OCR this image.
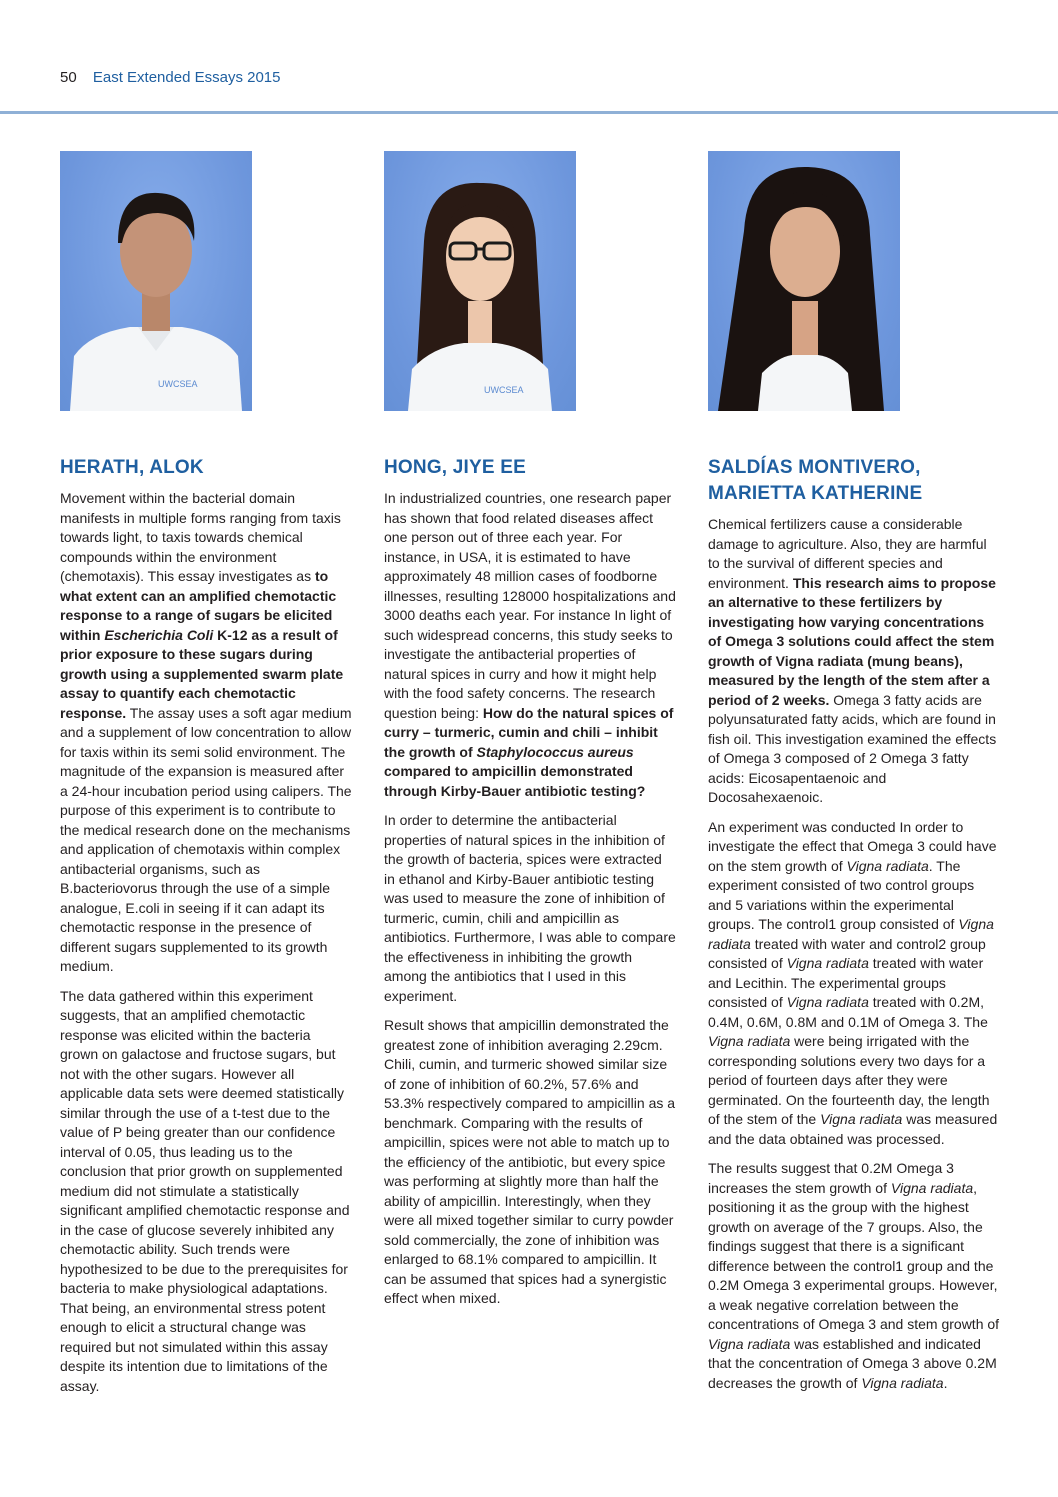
50 East Extended Essays 2015
UWCSEA
HERATH, ALOK

Movement within the bacterial domain manifests in multiple forms ranging from taxis towards light, to taxis towards chemical compounds within the environment (chemotaxis). This essay investigates as to what extent can an amplified chemotactic response to a range of sugars be elicited within Escherichia Coli K-12 as a result of prior exposure to these sugars during growth using a supplemented swarm plate assay to quantify each chemotactic response. The assay uses a soft agar medium and a supplement of low concentration to allow for taxis within its semi solid environment. The magnitude of the expansion is measured after a 24-hour incubation period using calipers. The purpose of this experiment is to contribute to the medical research done on the mechanisms and application of chemotaxis within complex antibacterial organisms, such as B.bacteriovorus through the use of a simple analogue, E.coli in seeing if it can adapt its chemotactic response in the presence of different sugars supplemented to its growth medium.

The data gathered within this experiment suggests, that an amplified chemotactic response was elicited within the bacteria grown on galactose and fructose sugars, but not with the other sugars. However all applicable data sets were deemed statistically similar through the use of a t-test due to the value of P being greater than our confidence interval of 0.05, thus leading us to the conclusion that prior growth on supplemented medium did not stimulate a statistically significant amplified chemotactic response and in the case of glucose severely inhibited any chemotactic ability. Such trends were hypothesized to be due to the prerequisites for bacteria to make physiological adaptations. That being, an environmental stress potent enough to elicit a structural change was required but not simulated within this assay despite its intention due to limitations of the assay.

UWCSEA
HONG, JIYE EE

In industrialized countries, one research paper has shown that food related diseases affect one person out of three each year. For instance, in USA, it is estimated to have approximately 48 million cases of foodborne illnesses, resulting 128000 hospitalizations and 3000 deaths each year. For instance In light of such widespread concerns, this study seeks to investigate the antibacterial properties of natural spices in curry and how it might help with the food safety concerns. The research question being: How do the natural spices of curry – turmeric, cumin and chili – inhibit the growth of Staphylococcus aureus compared to ampicillin demonstrated through Kirby-Bauer antibiotic testing?

In order to determine the antibacterial properties of natural spices in the inhibition of the growth of bacteria, spices were extracted in ethanol and Kirby-Bauer antibiotic testing was used to measure the zone of inhibition of turmeric, cumin, chili and ampicillin as antibiotics. Furthermore, I was able to compare the effectiveness in inhibiting the growth among the antibiotics that I used in this experiment.

Result shows that ampicillin demonstrated the greatest zone of inhibition averaging 2.29cm. Chili, cumin, and turmeric showed similar size of zone of inhibition of 60.2%, 57.6% and 53.3% respectively compared to ampicillin as a benchmark. Comparing with the results of ampicillin, spices were not able to match up to the efficiency of the antibiotic, but every spice was performing at slightly more than half the ability of ampicillin. Interestingly, when they were all mixed together similar to curry powder sold commercially, the zone of inhibition was enlarged to 68.1% compared to ampicillin. It can be assumed that spices had a synergistic effect when mixed.

SALDÍAS MONTIVERO, MARIETTA KATHERINE

Chemical fertilizers cause a considerable damage to agriculture. Also, they are harmful to the survival of different species and environment. This research aims to propose an alternative to these fertilizers by investigating how varying concentrations of Omega 3 solutions could affect the stem growth of Vigna radiata (mung beans), measured by the length of the stem after a period of 2 weeks. Omega 3 fatty acids are polyunsaturated fatty acids, which are found in fish oil. This investigation examined the effects of Omega 3 composed of 2 Omega 3 fatty acids: Eicosapentaenoic and Docosahexaenoic.

An experiment was conducted In order to investigate the effect that Omega 3 could have on the stem growth of Vigna radiata. The experiment consisted of two control groups and 5 variations within the experimental groups. The control1 group consisted of Vigna radiata treated with water and control2 group consisted of Vigna radiata treated with water and Lecithin. The experimental groups consisted of Vigna radiata treated with 0.2M, 0.4M, 0.6M, 0.8M and 0.1M of Omega 3. The Vigna radiata were being irrigated with the corresponding solutions every two days for a period of fourteen days after they were germinated. On the fourteenth day, the length of the stem of the Vigna radiata was measured and the data obtained was processed.

The results suggest that 0.2M Omega 3 increases the stem growth of Vigna radiata, positioning it as the group with the highest growth on average of the 7 groups. Also, the findings suggest that there is a significant difference between the control1 group and the 0.2M Omega 3 experimental groups. However, a weak negative correlation between the concentrations of Omega 3 and stem growth of Vigna radiata was established and indicated that the concentration of Omega 3 above 0.2M decreases the growth of Vigna radiata.
